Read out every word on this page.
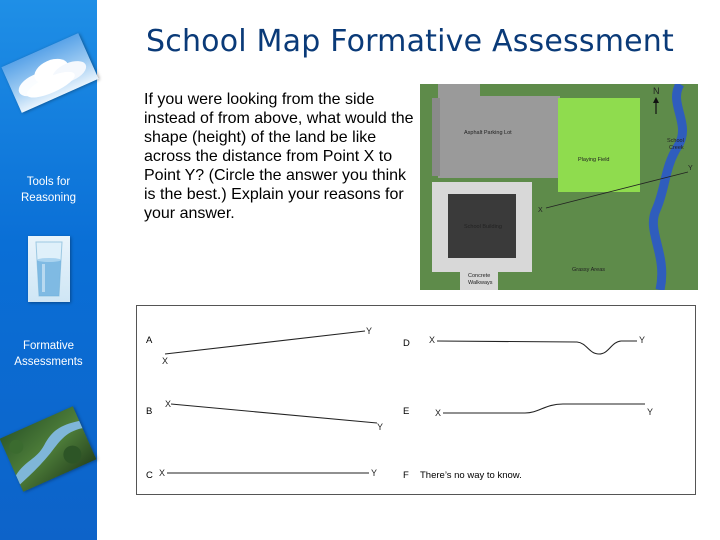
Tools for
Reasoning
Formative
Assessments
School Map Formative Assessment
If you were looking from the side instead of from above, what would the shape (height) of the land be like across the distance from Point X to Point Y? (Circle the answer you think is the best.) Explain your reasons for your answer.
N
Asphalt Parking Lot
Playing Field
School
Creek
School Building
Concrete
Walkways
Grassy Areas
X
Y
A
X
Y
B
X
Y
C X	Y
D X	Y
E	X	Y
F There’s no way to know.
